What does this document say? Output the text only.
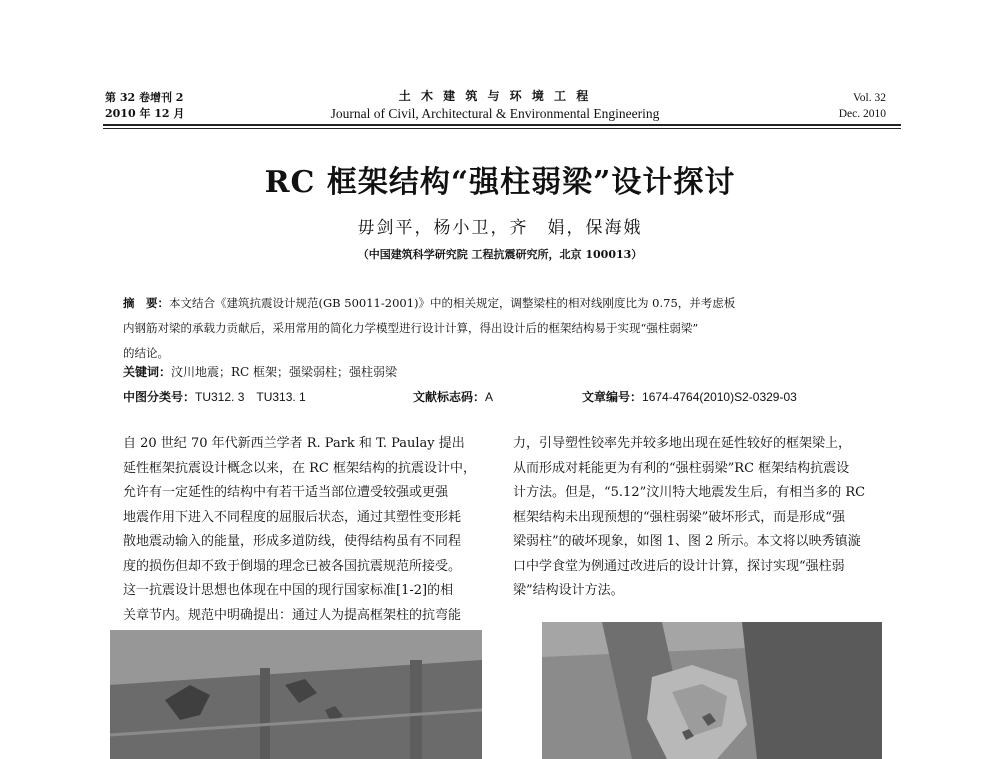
第 32 卷增刊 2
2010 年 12 月
土 木 建 筑 与 环 境 工 程
Journal of Civil, Architectural & Environmental Engineering
Vol. 32
Dec. 2010
RC 框架结构“强柱弱梁”设计探讨
毋剑平，杨小卫，齐　娟，保海娥
（中国建筑科学研究院 工程抗震研究所，北京 100013）
摘　要：本文结合《建筑抗震设计规范(GB 50011-2001)》中的相关规定，调整梁柱的相对线刚度比为 0.75，并考虑板
内钢筋对梁的承载力贡献后，采用常用的简化力学模型进行设计计算，得出设计后的框架结构易于实现“强柱弱梁”
的结论。
关键词：汶川地震；RC 框架；强梁弱柱；强柱弱梁
中图分类号：TU312. 3　TU313. 1	文献标志码：A	文章编号：1674-4764(2010)S2-0329-03
自 20 世纪 70 年代新西兰学者 R. Park 和 T. Paulay 提出
延性框架抗震设计概念以来，在 RC 框架结构的抗震设计中，
允许有一定延性的结构中有若干适当部位遭受较强或更强
地震作用下进入不同程度的屈服后状态，通过其塑性变形耗
散地震动输入的能量，形成多道防线，使得结构虽有不同程
度的损伤但却不致于倒塌的理念已被各国抗震规范所接受。
这一抗震设计思想也体现在中国的现行国家标准[1-2]的相
关章节内。规范中明确提出：通过人为提高框架柱的抗弯能
力，引导塑性铰率先并较多地出现在延性较好的框架梁上，
从而形成对耗能更为有利的“强柱弱梁”RC 框架结构抗震设
计方法。但是，“5.12”汶川特大地震发生后，有相当多的 RC
框架结构未出现预想的“强柱弱梁”破坏形式，而是形成“强
梁弱柱”的破坏现象，如图 1、图 2 所示。本文将以映秀镇漩
口中学食堂为例通过改进后的设计计算，探讨实现“强柱弱
梁”结构设计方法。
